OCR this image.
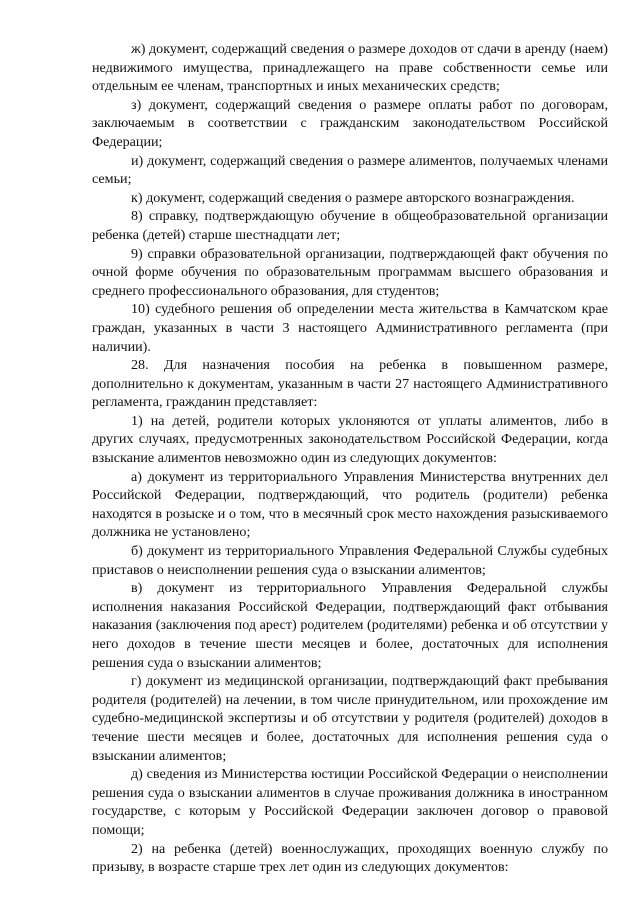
ж) документ, содержащий сведения о размере доходов от сдачи в аренду (наем) недвижимого имущества, принадлежащего на праве собственности семье или отдельным ее членам, транспортных и иных механических средств;

з) документ, содержащий сведения о размере оплаты работ по договорам, заключаемым в соответствии с гражданским законодательством Российской Федерации;

и) документ, содержащий сведения о размере алиментов, получаемых членами семьи;

к) документ, содержащий сведения о размере авторского вознаграждения.

8) справку, подтверждающую обучение в общеобразовательной организации ребенка (детей) старше шестнадцати лет;

9) справки образовательной организации, подтверждающей факт обучения по очной форме обучения по образовательным программам высшего образования и среднего профессионального образования, для студентов;

10) судебного решения об определении места жительства в Камчатском крае граждан, указанных в части 3 настоящего Административного регламента (при наличии).

28. Для назначения пособия на ребенка в повышенном размере, дополнительно к документам, указанным в части 27 настоящего Административного регламента, гражданин представляет:

1) на детей, родители которых уклоняются от уплаты алиментов, либо в других случаях, предусмотренных законодательством Российской Федерации, когда взыскание алиментов невозможно один из следующих документов:

а) документ из территориального Управления Министерства внутренних дел Российской Федерации, подтверждающий, что родитель (родители) ребенка находятся в розыске и о том, что в месячный срок место нахождения разыскиваемого должника не установлено;

б) документ из территориального Управления Федеральной Службы судебных приставов о неисполнении решения суда о взыскании алиментов;

в) документ из территориального Управления Федеральной службы исполнения наказания Российской Федерации, подтверждающий факт отбывания наказания (заключения под арест) родителем (родителями) ребенка и об отсутствии у него доходов в течение шести месяцев и более, достаточных для исполнения решения суда о взыскании алиментов;

г) документ из медицинской организации, подтверждающий факт пребывания родителя (родителей) на лечении, в том числе принудительном, или прохождение им судебно-медицинской экспертизы и об отсутствии у родителя (родителей) доходов в течение шести месяцев и более, достаточных для исполнения решения суда о взыскании алиментов;

д) сведения из Министерства юстиции Российской Федерации о неисполнении решения суда о взыскании алиментов в случае проживания должника в иностранном государстве, с которым у Российской Федерации заключен договор о правовой помощи;

2) на ребенка (детей) военнослужащих, проходящих военную службу по призыву, в возрасте старше трех лет один из следующих документов:
